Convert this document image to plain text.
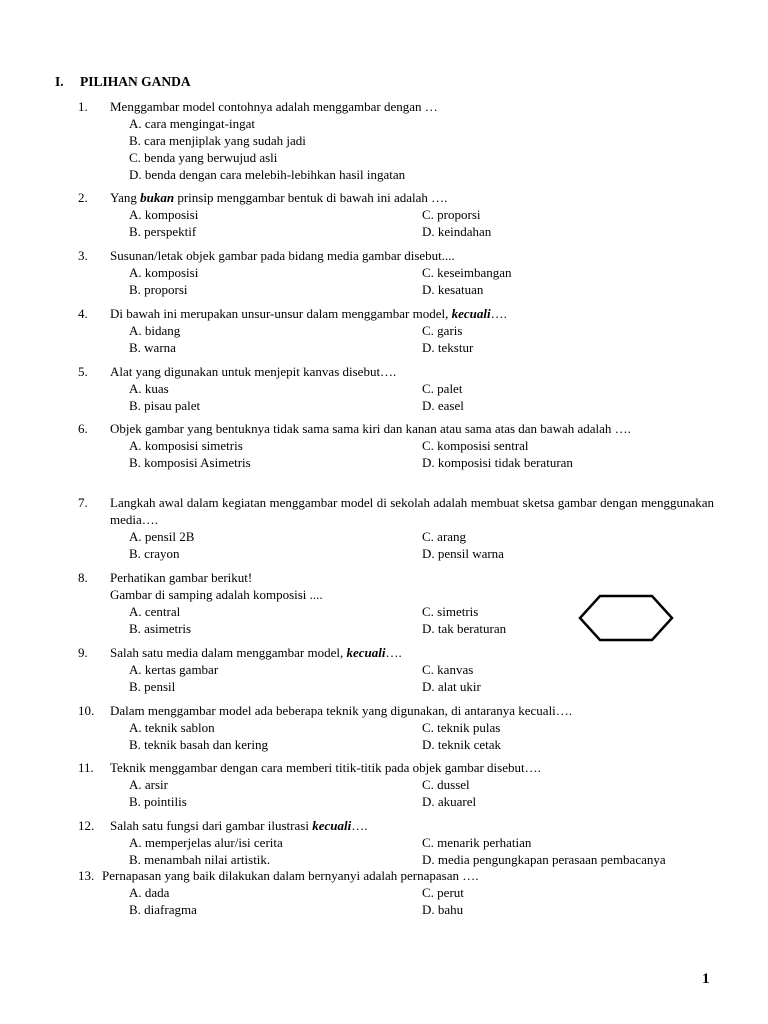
I. PILIHAN GANDA
1.	Menggambar model contohnya adalah menggambar dengan …
A. cara mengingat-ingat
B. cara menjiplak yang sudah jadi
C. benda yang berwujud asli
D. benda dengan cara melebih-lebihkan hasil ingatan
2.	Yang bukan prinsip menggambar bentuk di bawah ini adalah ….
A. komposisi	C. proporsi
B. perspektif	D. keindahan
3.	Susunan/letak objek gambar pada bidang media gambar disebut....
A. komposisi	C. keseimbangan
B. proporsi	D. kesatuan
4.	Di bawah ini merupakan unsur-unsur dalam menggambar model, kecuali….
A. bidang	C. garis
B. warna	D. tekstur
5.	Alat yang digunakan untuk menjepit kanvas disebut….
A. kuas	C. palet
B. pisau palet	D. easel
6.	Objek gambar yang bentuknya tidak sama sama kiri dan kanan atau sama atas dan bawah adalah ….
A. komposisi simetris	C. komposisi sentral
B. komposisi Asimetris	D. komposisi tidak beraturan
7.	Langkah awal dalam kegiatan menggambar model di sekolah adalah membuat sketsa gambar dengan menggunakan media….
A. pensil 2B	C. arang
B. crayon	D. pensil warna
8.	Perhatikan gambar berikut!
Gambar di samping adalah komposisi ....
A. central	C. simetris
B. asimetris	D. tak beraturan
9.	Salah satu media dalam menggambar model, kecuali….
A. kertas gambar	C. kanvas
B. pensil	D. alat ukir
10.	Dalam menggambar model ada beberapa teknik yang digunakan, di antaranya kecuali….
A. teknik sablon	C. teknik pulas
B. teknik basah dan kering	D. teknik cetak
11.	Teknik menggambar dengan cara memberi titik-titik pada objek gambar disebut….
A. arsir	C. dussel
B. pointilis	D. akuarel
12.	Salah satu fungsi dari gambar ilustrasi kecuali….
A. memperjelas alur/isi cerita	C. menarik perhatian
B. menambah nilai artistik.	D. media pengungkapan perasaan pembacanya
13. Pernapasan yang baik dilakukan dalam bernyanyi adalah pernapasan ….
A. dada	C. perut
B. diafragma	D. bahu
1
